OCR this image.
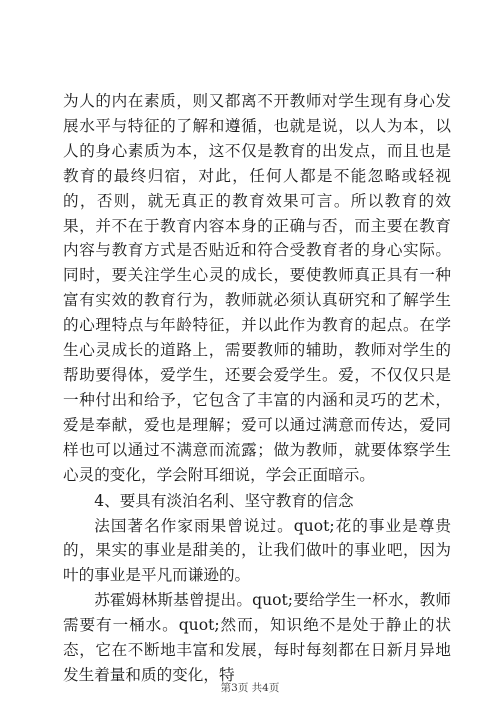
为人的内在素质，则又都离不开教师对学生现有身心发展水平与特征的了解和遵循，也就是说，以人为本，以人的身心素质为本，这不仅是教育的出发点，而且也是教育的最终归宿，对此，任何人都是不能忽略或轻视的，否则，就无真正的教育效果可言。所以教育的效果，并不在于教育内容本身的正确与否，而主要在教育内容与教育方式是否贴近和符合受教育者的身心实际。同时，要关注学生心灵的成长，要使教师真正具有一种富有实效的教育行为，教师就必须认真研究和了解学生的心理特点与年龄特征，并以此作为教育的起点。在学生心灵成长的道路上，需要教师的辅助，教师对学生的帮助要得体，爱学生，还要会爱学生。爱，不仅仅只是一种付出和给予，它包含了丰富的内涵和灵巧的艺术，爱是奉献，爱也是理解；爱可以通过满意而传达，爱同样也可以通过不满意而流露；做为教师，就要体察学生心灵的变化，学会附耳细说，学会正面暗示。

4、要具有淡泊名利、坚守教育的信念

法国著名作家雨果曾说过。quot;花的事业是尊贵的，果实的事业是甜美的，让我们做叶的事业吧，因为叶的事业是平凡而谦逊的。

苏霍姆林斯基曾提出。quot;要给学生一杯水，教师需要有一桶水。quot;然而，知识绝不是处于静止的状态，它在不断地丰富和发展，每时每刻都在日新月异地发生着量和质的变化，特

第3页 共4页
